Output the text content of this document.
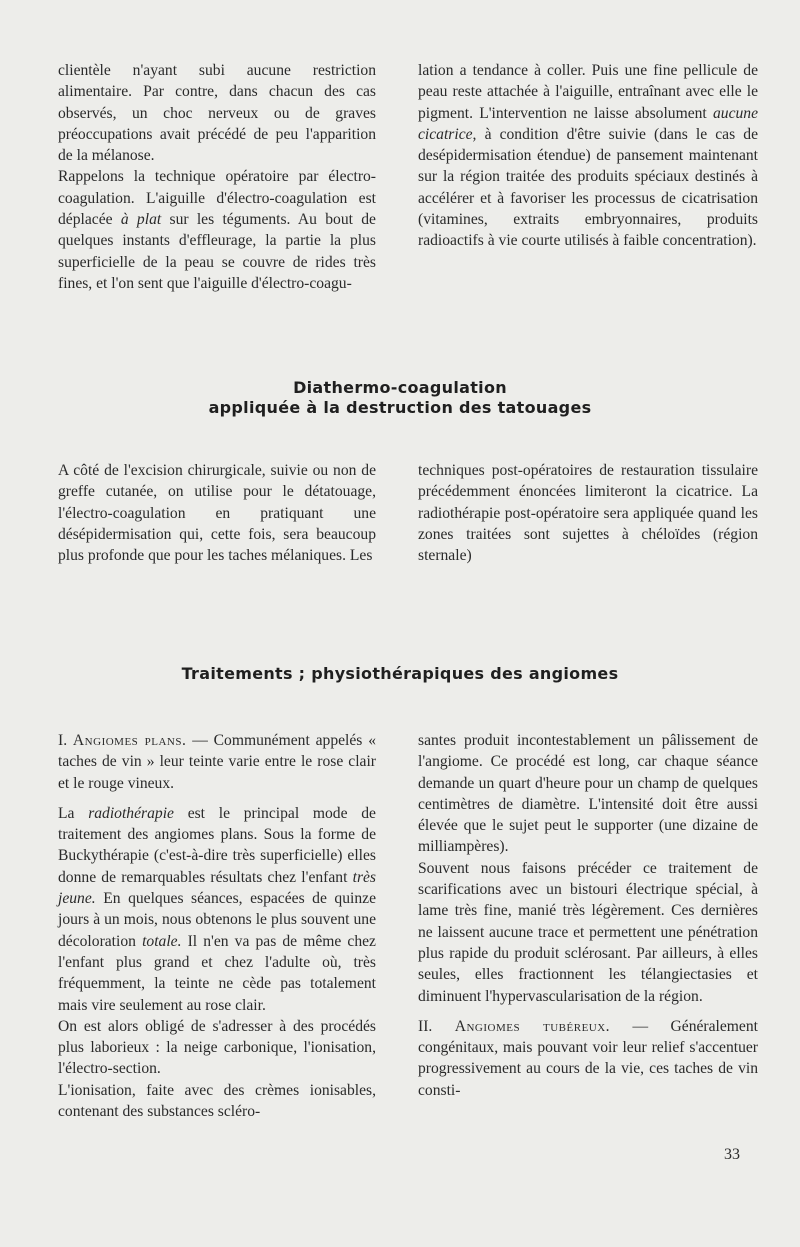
clientèle n'ayant subi aucune restriction alimentaire. Par contre, dans chacun des cas observés, un choc nerveux ou de graves préoccupations avait précédé de peu l'apparition de la mélanose.

Rappelons la technique opératoire par électro-coagulation. L'aiguille d'électro-coagulation est déplacée à plat sur les téguments. Au bout de quelques instants d'effleurage, la partie la plus superficielle de la peau se couvre de rides très fines, et l'on sent que l'aiguille d'électro-coagu-

lation a tendance à coller. Puis une fine pellicule de peau reste attachée à l'aiguille, entraînant avec elle le pigment. L'intervention ne laisse absolument aucune cicatrice, à condition d'être suivie (dans le cas de desépidermisation étendue) de pansement maintenant sur la région traitée des produits spéciaux destinés à accélérer et à favoriser les processus de cicatrisation (vitamines, extraits embryonnaires, produits radioactifs à vie courte utilisés à faible concentration).

Diathermo-coagulation
appliquée à la destruction des tatouages

A côté de l'excision chirurgicale, suivie ou non de greffe cutanée, on utilise pour le détatouage, l'électro-coagulation en pratiquant une désépidermisation qui, cette fois, sera beaucoup plus profonde que pour les taches mélaniques. Les

techniques post-opératoires de restauration tissulaire précédemment énoncées limiteront la cicatrice. La radiothérapie post-opératoire sera appliquée quand les zones traitées sont sujettes à chéloïdes (région sternale)

Traitements ; physiothérapiques des angiomes

I. Angiomes plans. — Communément appelés « taches de vin » leur teinte varie entre le rose clair et le rouge vineux.

La radiothérapie est le principal mode de traitement des angiomes plans. Sous la forme de Buckythérapie (c'est-à-dire très superficielle) elles donne de remarquables résultats chez l'enfant très jeune. En quelques séances, espacées de quinze jours à un mois, nous obtenons le plus souvent une décoloration totale. Il n'en va pas de même chez l'enfant plus grand et chez l'adulte où, très fréquemment, la teinte ne cède pas totalement mais vire seulement au rose clair.

On est alors obligé de s'adresser à des procédés plus laborieux : la neige carbonique, l'ionisation, l'électro-section.

L'ionisation, faite avec des crèmes ionisables, contenant des substances scléro-

santes produit incontestablement un pâlissement de l'angiome. Ce procédé est long, car chaque séance demande un quart d'heure pour un champ de quelques centimètres de diamètre. L'intensité doit être aussi élevée que le sujet peut le supporter (une dizaine de milliampères).

Souvent nous faisons précéder ce traitement de scarifications avec un bistouri électrique spécial, à lame très fine, manié très légèrement. Ces dernières ne laissent aucune trace et permettent une pénétration plus rapide du produit sclérosant. Par ailleurs, à elles seules, elles fractionnent les télangiectasies et diminuent l'hypervascularisation de la région.

II. Angiomes tubéreux. — Généralement congénitaux, mais pouvant voir leur relief s'accentuer progressivement au cours de la vie, ces taches de vin consti-

33
